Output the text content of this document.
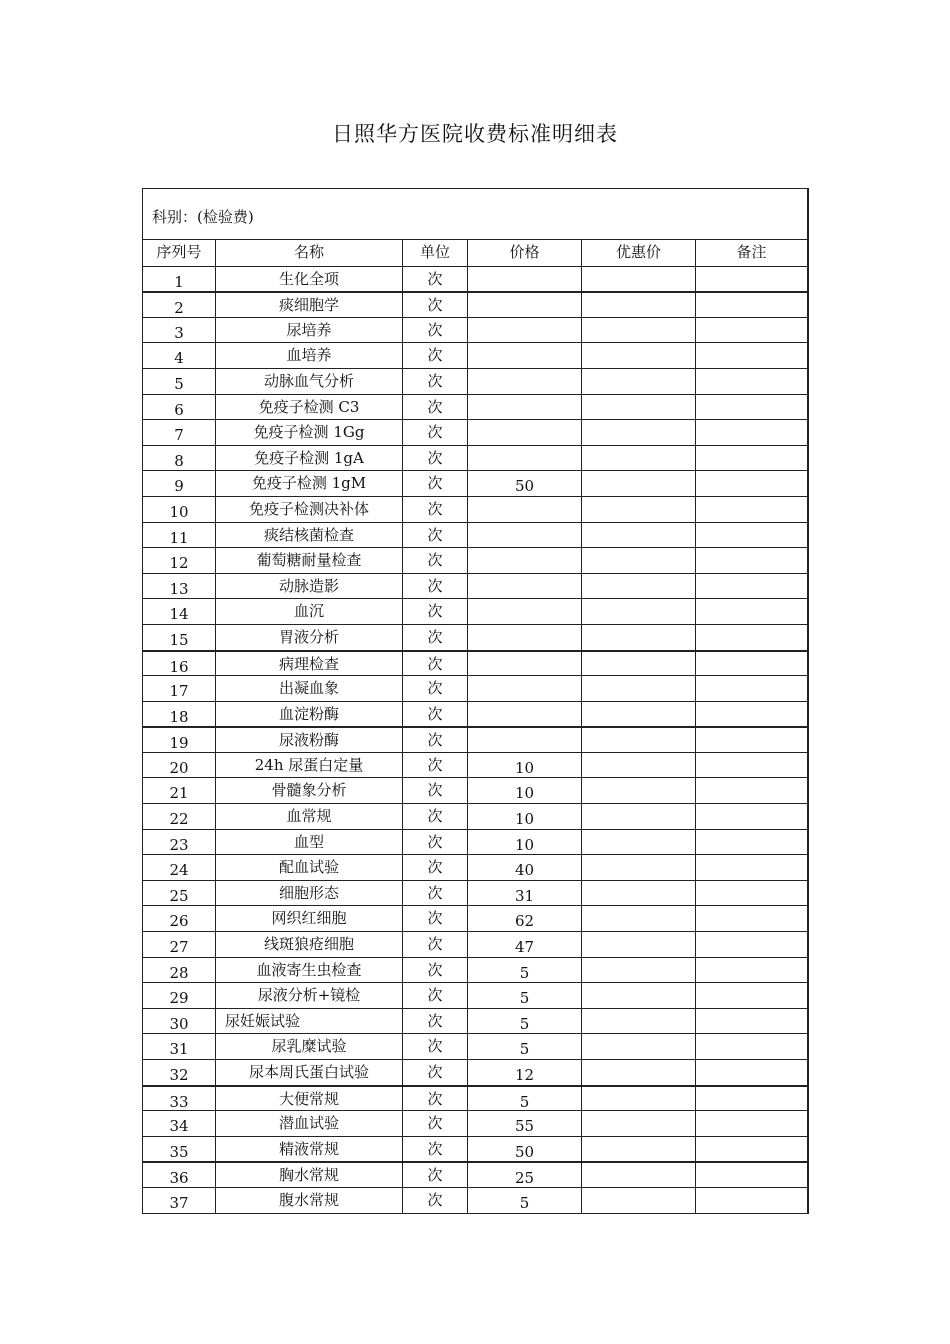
日照华方医院收费标准明细表
科别：(检验费)
序列号	名称	单位	价格	优惠价	备注
1	生化全项	次
2	痰细胞学	次
3	尿培养	次
4	血培养	次
5	动脉血气分析	次
6	免疫子检测 C3	次
7	免疫子检测 1Gg	次
8	免疫子检测 1gA	次
9	免疫子检测 1gM	次	50
10	免疫子检测决补体	次
11	痰结核菌检查	次
12	葡萄糖耐量检查	次
13	动脉造影	次
14	血沉	次
15	胃液分析	次
16	病理检查	次
17	出凝血象	次
18	血淀粉酶	次
19	尿液粉酶	次
20	24h 尿蛋白定量	次	10
21	骨髓象分析	次	10
22	血常规	次	10
23	血型	次	10
24	配血试验	次	40
25	细胞形态	次	31
26	网织红细胞	次	62
27	线斑狼疮细胞	次	47
28	血液寄生虫检查	次	5
29	尿液分析+镜检	次	5
30	尿妊娠试验	次	5
31	尿乳糜试验	次	5
32	尿本周氏蛋白试验	次	12
33	大便常规	次	5
34	潜血试验	次	55
35	精液常规	次	50
36	胸水常规	次	25
37	腹水常规	次	5
